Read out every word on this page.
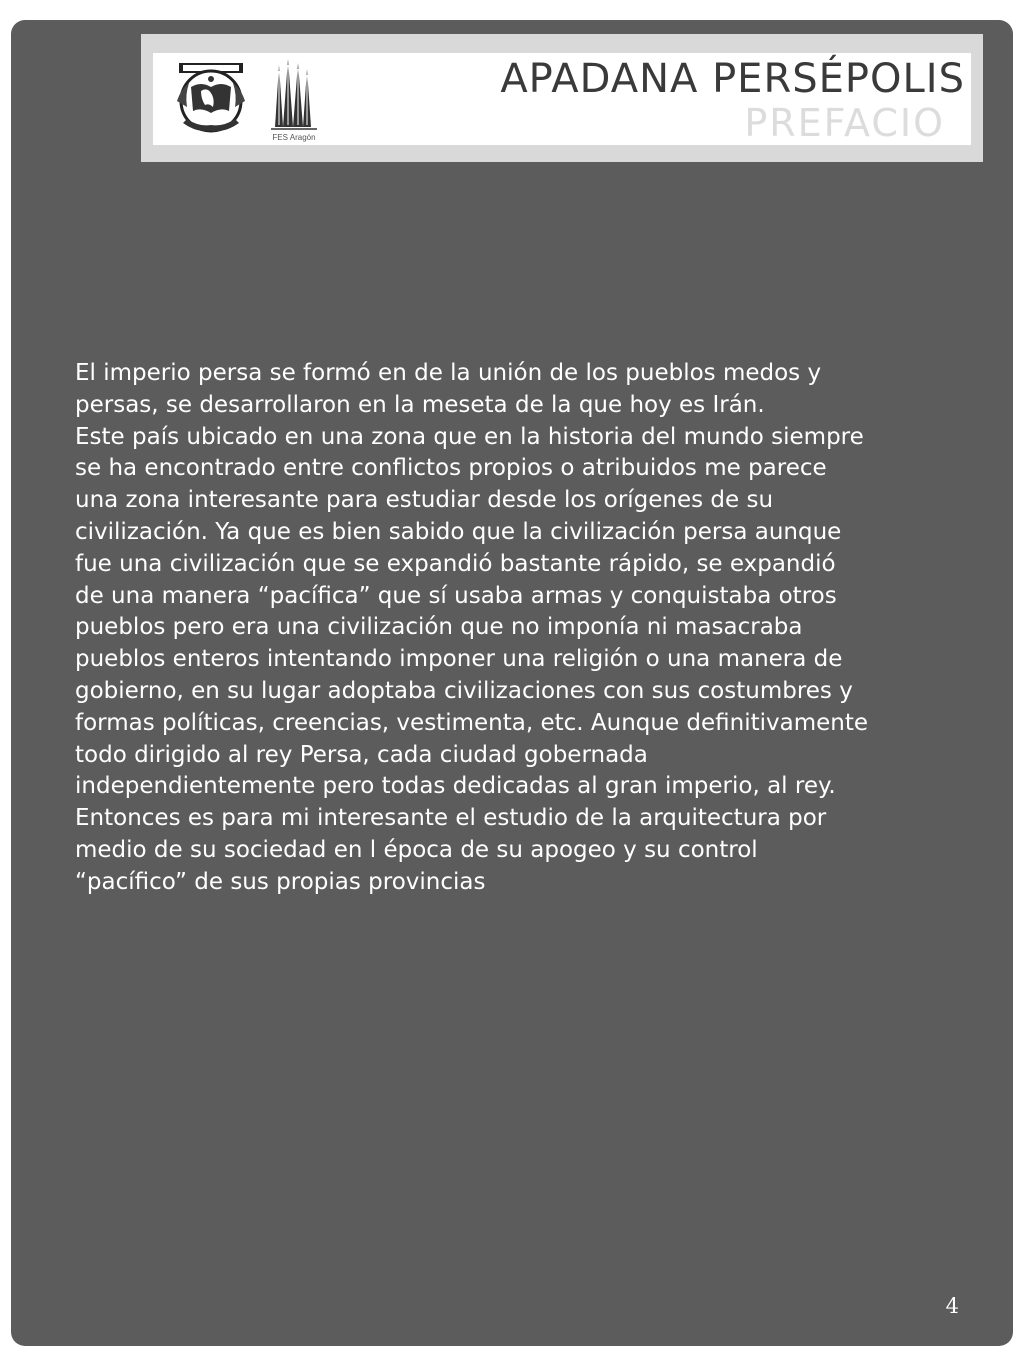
FES Aragón
APADANA PERSÉPOLIS
PREFACIO

El imperio persa se formó en de la unión de los pueblos medos y
persas, se desarrollaron en la meseta de la que hoy es Irán.
Este país ubicado en una zona que en la historia del mundo siempre
se ha encontrado entre conflictos propios o atribuidos me parece
una zona interesante para estudiar desde los orígenes de su
civilización. Ya que es bien sabido que la civilización persa aunque
fue una civilización que se expandió bastante rápido, se expandió
de una manera “pacífica” que sí usaba armas y conquistaba otros
pueblos pero era una civilización que no imponía ni masacraba
pueblos enteros intentando imponer una religión o una manera de
gobierno, en su lugar adoptaba civilizaciones con sus costumbres y
formas políticas, creencias, vestimenta, etc. Aunque definitivamente
todo dirigido al rey Persa, cada ciudad gobernada
independientemente pero todas dedicadas al gran imperio, al rey.
Entonces es para mi interesante el estudio de la arquitectura por
medio de su sociedad en l época de su apogeo y su control
“pacífico” de sus propias provincias

4
